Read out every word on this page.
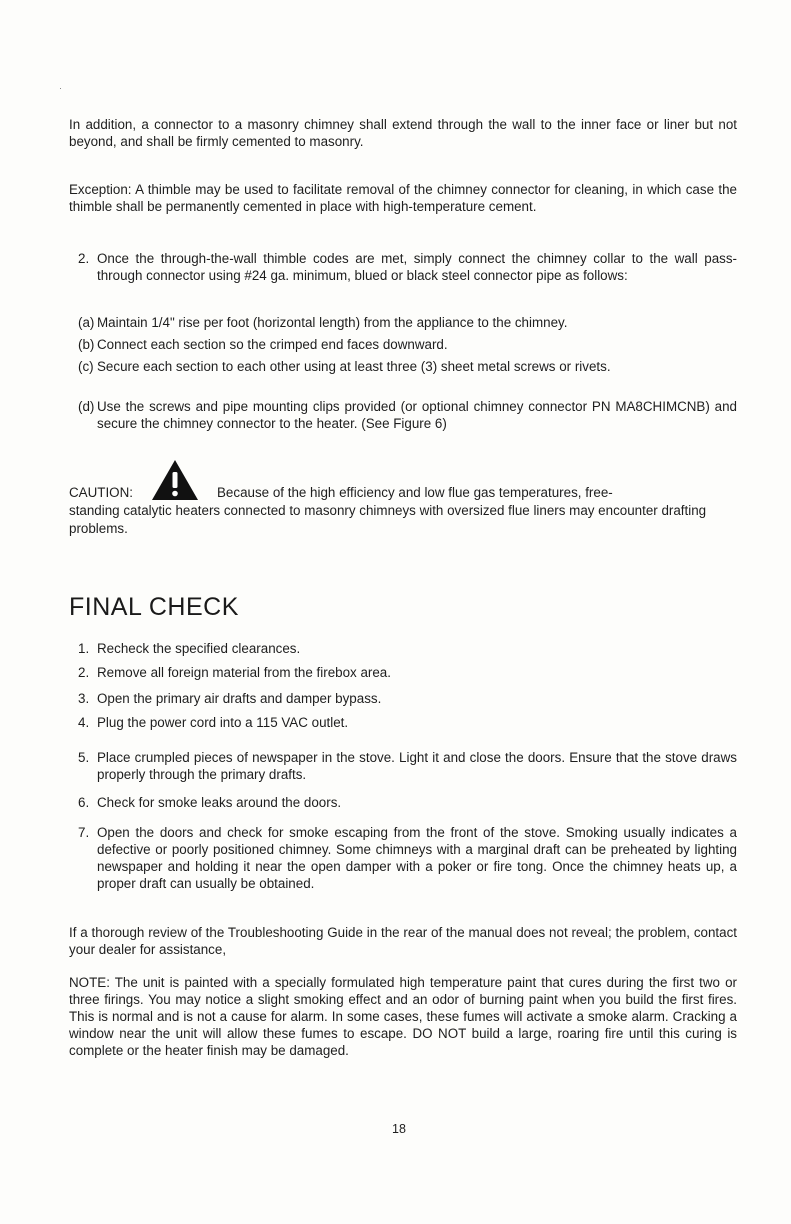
In addition, a connector to a masonry chimney shall extend through the wall to the inner face or liner but not beyond, and shall be firmly cemented to masonry.
Exception: A thimble may be used to facilitate removal of the chimney connector for cleaning, in which case the thimble shall be permanently cemented in place with high-temperature cement.
2. Once the through-the-wall thimble codes are met, simply connect the chimney collar to the wall pass-through connector using #24 ga. minimum, blued or black steel connector pipe as follows:
(a) Maintain 1/4" rise per foot (horizontal length) from the appliance to the chimney.
(b) Connect each section so the crimped end faces downward.
(c) Secure each section to each other using at least three (3) sheet metal screws or rivets.
(d) Use the screws and pipe mounting clips provided (or optional chimney connector PN MA8CHIMCNB) and secure the chimney connector to the heater. (See Figure 6)
CAUTION:	Because of the high efficiency and low flue gas temperatures, free-
standing catalytic heaters connected to masonry chimneys with oversized flue liners may encounter drafting problems.
FINAL CHECK
1. Recheck the specified clearances.
2. Remove all foreign material from the firebox area.
3. Open the primary air drafts and damper bypass.
4. Plug the power cord into a 115 VAC outlet.
5. Place crumpled pieces of newspaper in the stove. Light it and close the doors. Ensure that the stove draws properly through the primary drafts.
6. Check for smoke leaks around the doors.
7. Open the doors and check for smoke escaping from the front of the stove. Smoking usually indicates a defective or poorly positioned chimney. Some chimneys with a marginal draft can be preheated by lighting newspaper and holding it near the open damper with a poker or fire tong. Once the chimney heats up, a proper draft can usually be obtained.
If a thorough review of the Troubleshooting Guide in the rear of the manual does not reveal; the problem, contact your dealer for assistance,
NOTE: The unit is painted with a specially formulated high temperature paint that cures during the first two or three firings. You may notice a slight smoking effect and an odor of burning paint when you build the first fires. This is normal and is not a cause for alarm. In some cases, these fumes will activate a smoke alarm. Cracking a window near the unit will allow these fumes to escape. DO NOT build a large, roaring fire until this curing is complete or the heater finish may be damaged.
18
